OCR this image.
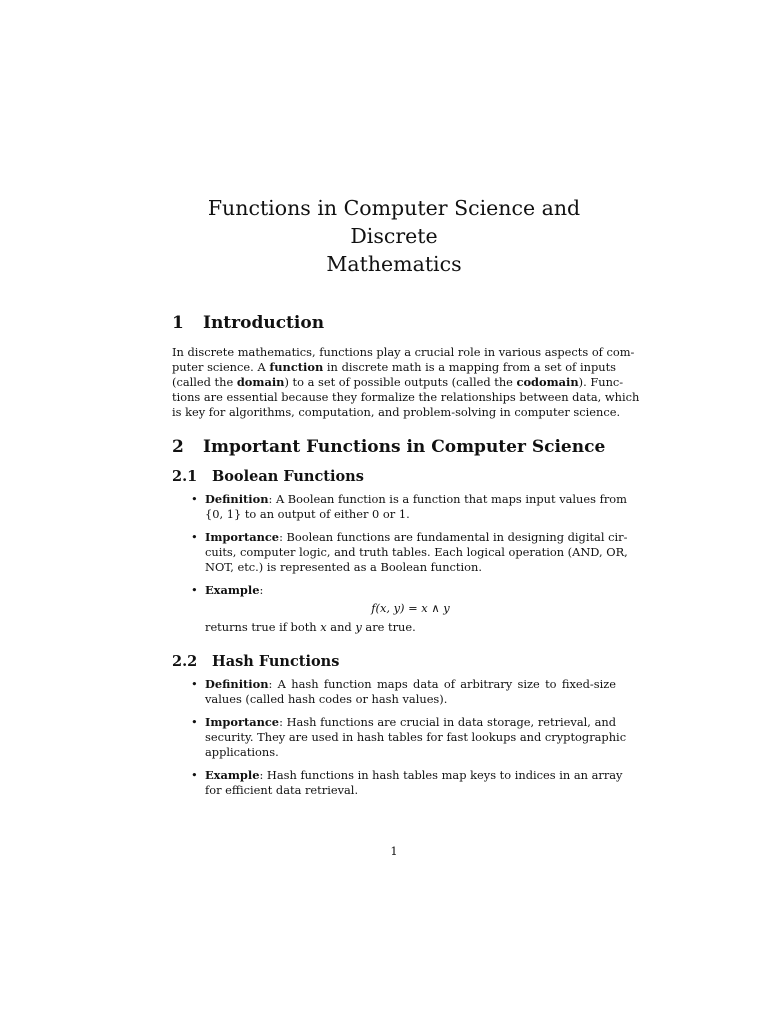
Functions in Computer Science and Discrete
Mathematics
1 Introduction

In discrete mathematics, functions play a crucial role in various aspects of com-
puter science. A function in discrete math is a mapping from a set of inputs
(called the domain) to a set of possible outputs (called the codomain). Func-
tions are essential because they formalize the relationships between data, which
is key for algorithms, computation, and problem-solving in computer science.

2 Important Functions in Computer Science
2.1 Boolean Functions
• Definition: A Boolean function is a function that maps input values from
{0, 1} to an output of either 0 or 1.
• Importance: Boolean functions are fundamental in designing digital cir-
cuits, computer logic, and truth tables. Each logical operation (AND, OR,
NOT, etc.) is represented as a Boolean function.
• Example:
f(x, y) = x ∧ y
returns true if both x and y are true.
2.2 Hash Functions
• Definition: A hash function maps data of arbitrary size to fixed-size
values (called hash codes or hash values).
• Importance: Hash functions are crucial in data storage, retrieval, and
security. They are used in hash tables for fast lookups and cryptographic
applications.
• Example: Hash functions in hash tables map keys to indices in an array
for efficient data retrieval.
1
